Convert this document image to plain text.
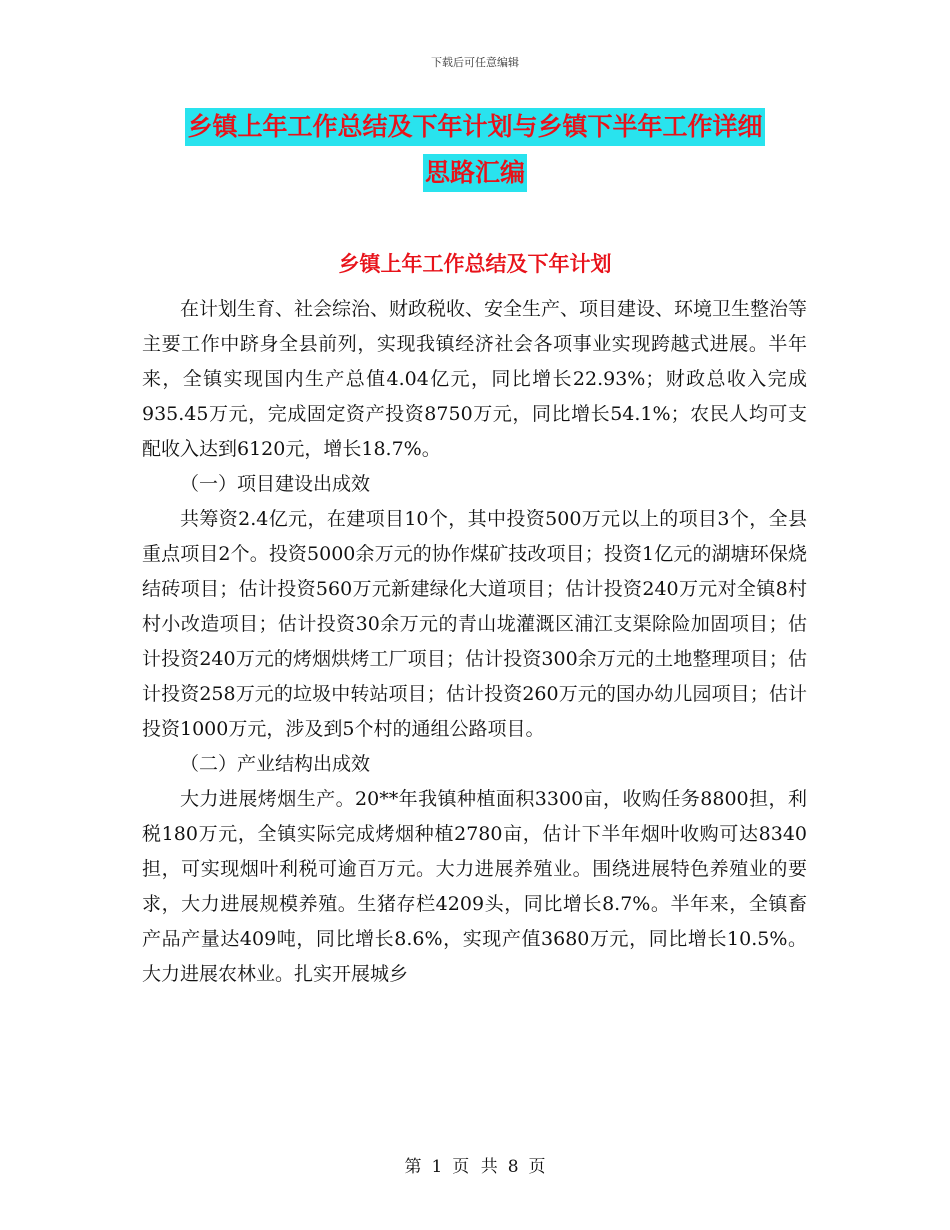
下载后可任意编辑
乡镇上年工作总结及下年计划与乡镇下半年工作详细
思路汇编
乡镇上年工作总结及下年计划

在计划生育、社会综治、财政税收、安全生产、项目建设、环境卫生整治等主要工作中跻身全县前列，实现我镇经济社会各项事业实现跨越式进展。半年来，全镇实现国内生产总值4.04亿元，同比增长22.93%；财政总收入完成935.45万元，完成固定资产投资8750万元，同比增长54.1%；农民人均可支配收入达到6120元，增长18.7%。

（一）项目建设出成效

共筹资2.4亿元，在建项目10个，其中投资500万元以上的项目3个，全县重点项目2个。投资5000余万元的协作煤矿技改项目；投资1亿元的湖塘环保烧结砖项目；估计投资560万元新建绿化大道项目；估计投资240万元对全镇8村村小改造项目；估计投资30余万元的青山垅灌溉区浦江支渠除险加固项目；估计投资240万元的烤烟烘烤工厂项目；估计投资300余万元的土地整理项目；估计投资258万元的垃圾中转站项目；估计投资260万元的国办幼儿园项目；估计投资1000万元，涉及到5个村的通组公路项目。

（二）产业结构出成效

大力进展烤烟生产。20**年我镇种植面积3300亩，收购任务8800担，利税180万元，全镇实际完成烤烟种植2780亩，估计下半年烟叶收购可达8340担，可实现烟叶利税可逾百万元。大力进展养殖业。围绕进展特色养殖业的要求，大力进展规模养殖。生猪存栏4209头，同比增长8.7%。半年来，全镇畜产品产量达409吨，同比增长8.6%，实现产值3680万元，同比增长10.5%。大力进展农林业。扎实开展城乡

第 1 页 共 8 页
